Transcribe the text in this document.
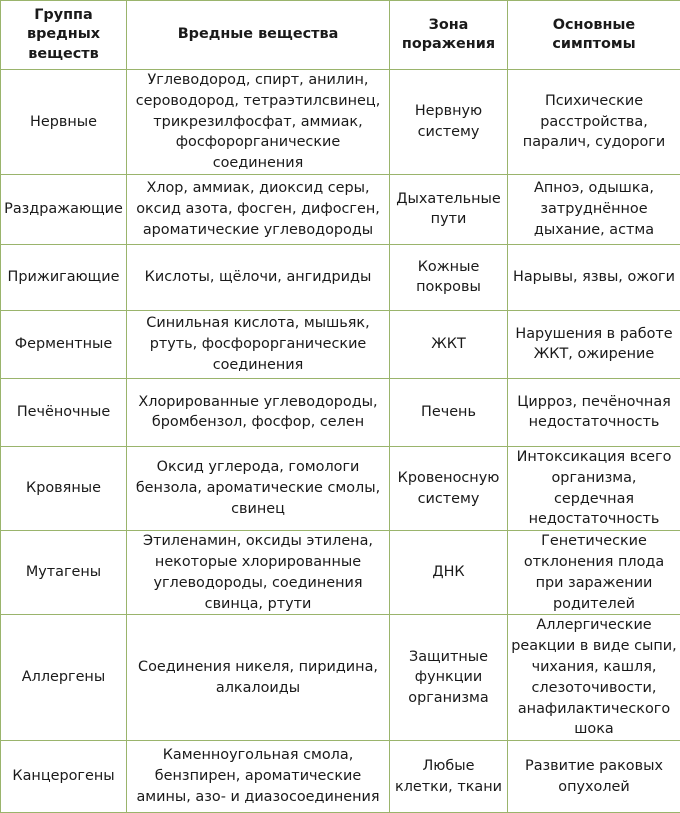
Группа вредных веществ	Вредные вещества	Зона поражения	Основные симптомы

Нервные	Углеводород, спирт, анилин, сероводород, тетраэтилсвинец, трикрезилфосфат, аммиак, фосфорорганические соединения	Нервную систему	Психические расстройства, паралич, судороги
Раздражающие	Хлор, аммиак, диоксид серы, оксид азота, фосген, дифосген, ароматические углеводороды	Дыхательные пути	Апноэ, одышка, затруднённое дыхание, астма
Прижигающие	Кислоты, щёлочи, ангидриды	Кожные покровы	Нарывы, язвы, ожоги
Ферментные	Синильная кислота, мышьяк, ртуть, фосфорорганические соединения	ЖКТ	Нарушения в работе ЖКТ, ожирение
Печёночные	Хлорированные углеводороды, бромбензол, фосфор, селен	Печень	Цирроз, печёночная недостаточность
Кровяные	Оксид углерода, гомологи бензола, ароматические смолы, свинец	Кровеносную систему	Интоксикация всего организма, сердечная недостаточность
Мутагены	Этиленамин, оксиды этилена, некоторые хлорированные углеводороды, соединения свинца, ртути	ДНК	Генетические отклонения плода при заражении родителей
Аллергены	Соединения никеля, пиридина, алкалоиды	Защитные функции организма	Аллергические реакции в виде сыпи, чихания, кашля, слезоточивости, анафилактического шока
Канцерогены	Каменноугольная смола, бензпирен, ароматические амины, азо- и диазосоединения	Любые клетки, ткани	Развитие раковых опухолей
